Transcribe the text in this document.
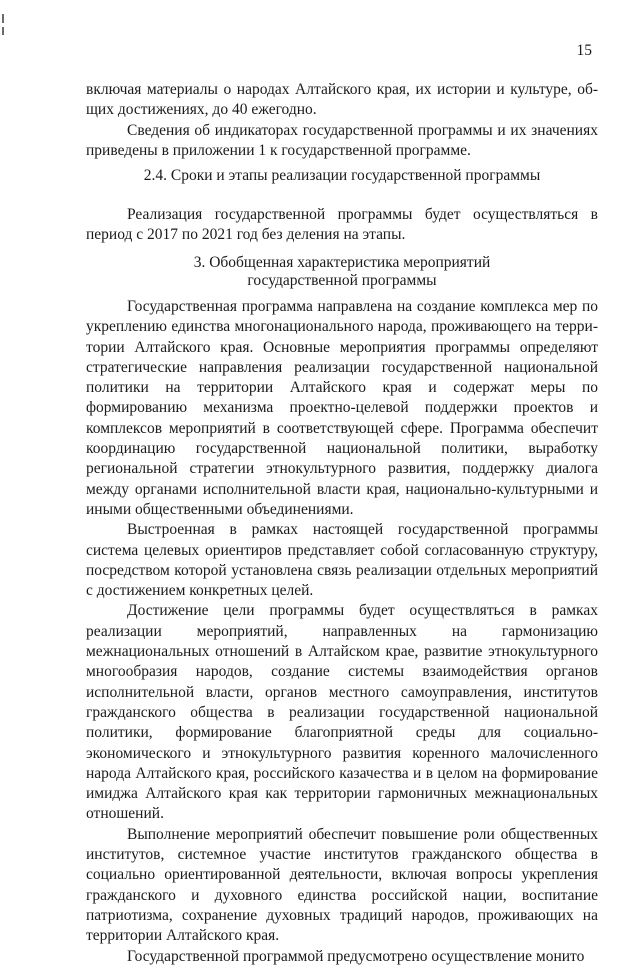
15

включая материалы о народах Алтайского края, их истории и культуре, общих достижениях, до 40 ежегодно.

Сведения об индикаторах государственной программы и их значениях приведены в приложении 1 к государственной программе.

2.4. Сроки и этапы реализации государственной программы

Реализация государственной программы будет осуществляться в период с 2017 по 2021 год без деления на этапы.

3. Обобщенная характеристика мероприятий
государственной программы

Государственная программа направлена на создание комплекса мер по укреплению единства многонационального народа, проживающего на территории Алтайского края. Основные мероприятия программы определяют стратегические направления реализации государственной национальной политики на территории Алтайского края и содержат меры по формированию механизма проектно-целевой поддержки проектов и комплексов мероприятий в соответствующей сфере. Программа обеспечит координацию государственной национальной политики, выработку региональной стратегии этнокультурного развития, поддержку диалога между органами исполнительной власти края, национально-культурными и иными общественными объединениями.

Выстроенная в рамках настоящей государственной программы система целевых ориентиров представляет собой согласованную структуру, посредством которой установлена связь реализации отдельных мероприятий с достижением конкретных целей.

Достижение цели программы будет осуществляться в рамках реализации мероприятий, направленных на гармонизацию межнациональных отношений в Алтайском крае, развитие этнокультурного многообразия народов, создание системы взаимодействия органов исполнительной власти, органов местного самоуправления, институтов гражданского общества в реализации государственной национальной политики, формирование благоприятной среды для социально-экономического и этнокультурного развития коренного малочисленного народа Алтайского края, российского казачества и в целом на формирование имиджа Алтайского края как территории гармоничных межнациональных отношений.

Выполнение мероприятий обеспечит повышение роли общественных институтов, системное участие институтов гражданского общества в социально ориентированной деятельности, включая вопросы укрепления гражданского и духовного единства российской нации, воспитание патриотизма, сохранение духовных традиций народов, проживающих на территории Алтайского края.

Государственной программой предусмотрено осуществление монито
